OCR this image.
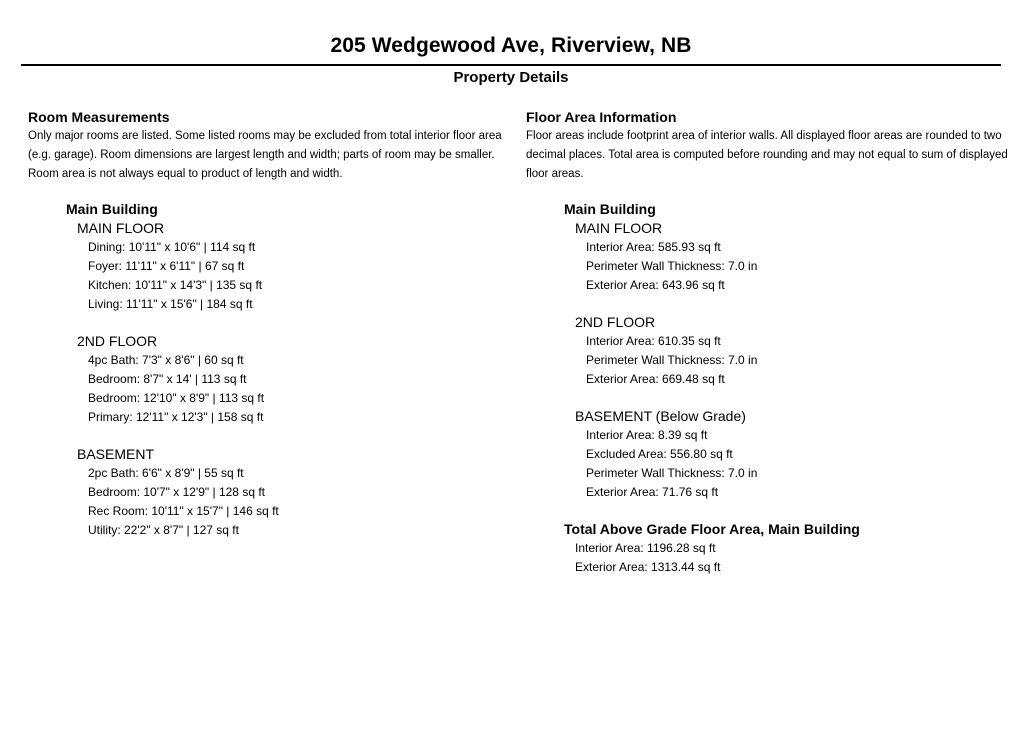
205 Wedgewood Ave, Riverview, NB
Property Details
Room Measurements
Only major rooms are listed. Some listed rooms may be excluded from total interior floor area
(e.g. garage). Room dimensions are largest length and width; parts of room may be smaller.
Room area is not always equal to product of length and width.
Main Building
MAIN FLOOR
Dining: 10'11" x 10'6" | 114 sq ft
Foyer: 11'11" x 6'11" | 67 sq ft
Kitchen: 10'11" x 14'3" | 135 sq ft
Living: 11'11" x 15'6" | 184 sq ft
2ND FLOOR
4pc Bath: 7'3" x 8'6" | 60 sq ft
Bedroom: 8'7" x 14' | 113 sq ft
Bedroom: 12'10" x 8'9" | 113 sq ft
Primary: 12'11" x 12'3" | 158 sq ft
BASEMENT
2pc Bath: 6'6" x 8'9" | 55 sq ft
Bedroom: 10'7" x 12'9" | 128 sq ft
Rec Room: 10'11" x 15'7" | 146 sq ft
Utility: 22'2" x 8'7" | 127 sq ft
Floor Area Information
Floor areas include footprint area of interior walls. All displayed floor areas are rounded to two
decimal places. Total area is computed before rounding and may not equal to sum of displayed
floor areas.
Main Building
MAIN FLOOR
Interior Area: 585.93 sq ft
Perimeter Wall Thickness: 7.0 in
Exterior Area: 643.96 sq ft
2ND FLOOR
Interior Area: 610.35 sq ft
Perimeter Wall Thickness: 7.0 in
Exterior Area: 669.48 sq ft
BASEMENT (Below Grade)
Interior Area: 8.39 sq ft
Excluded Area: 556.80 sq ft
Perimeter Wall Thickness: 7.0 in
Exterior Area: 71.76 sq ft
Total Above Grade Floor Area, Main Building
Interior Area: 1196.28 sq ft
Exterior Area: 1313.44 sq ft
